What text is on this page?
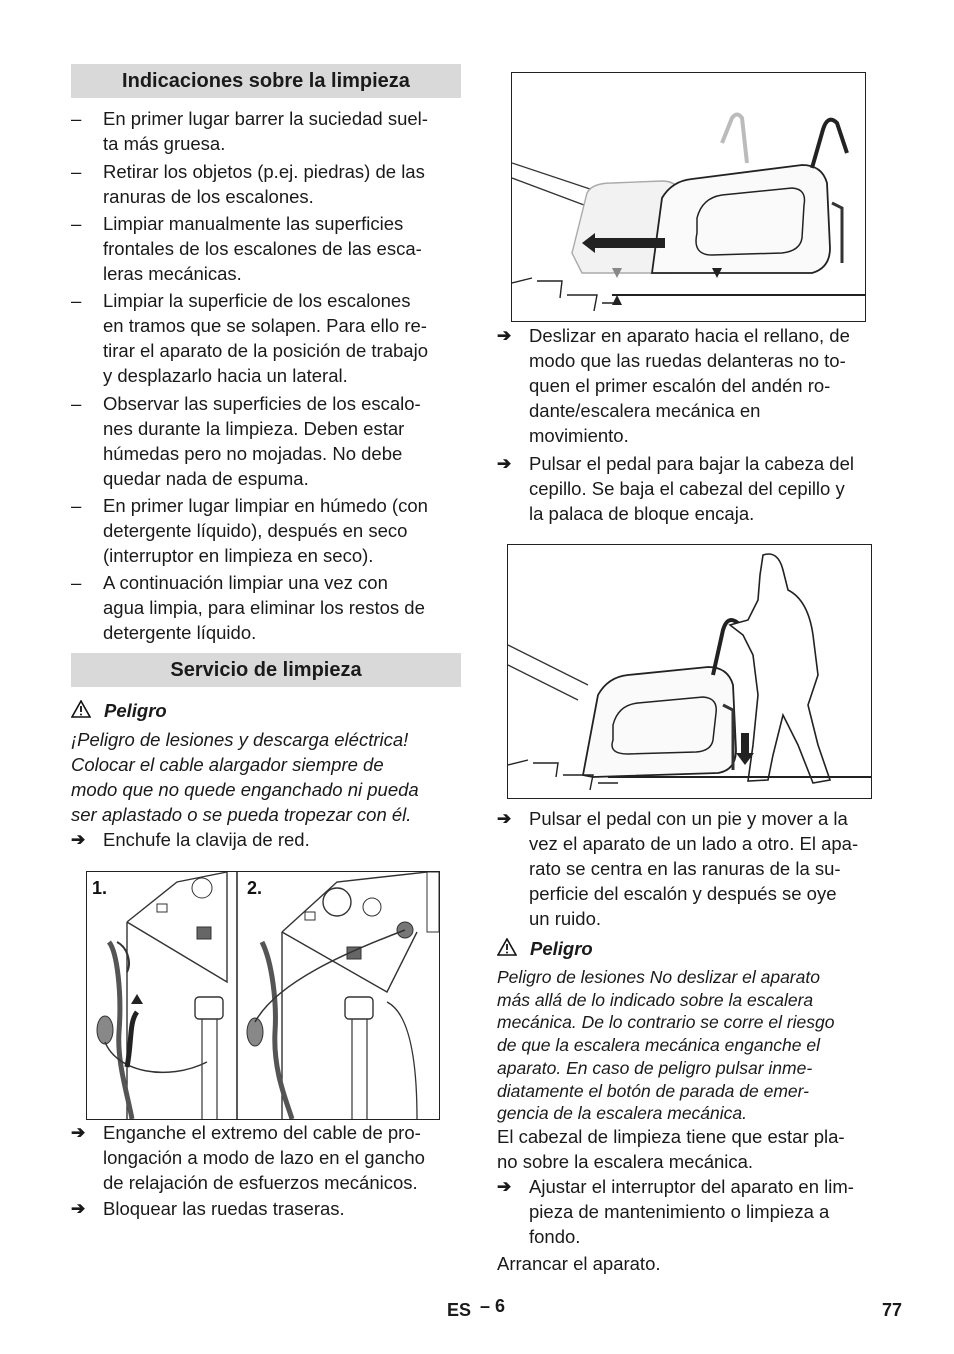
Indicaciones sobre la limpieza
–	En primer lugar barrer la suciedad suel-
ta más gruesa.
–	Retirar los objetos (p.ej. piedras) de las
ranuras de los escalones.
–	Limpiar manualmente las superficies
frontales de los escalones de las esca-
leras mecánicas.
–	Limpiar la superficie de los escalones
en tramos que se solapen. Para ello re-
tirar el aparato de la posición de trabajo
y desplazarlo hacia un lateral.
–	Observar las superficies de los escalo-
nes durante la limpieza. Deben estar
húmedas pero no mojadas. No debe
quedar nada de espuma.
–	En primer lugar limpiar en húmedo (con
detergente líquido), después en seco
(interruptor en limpieza en seco).
–	A continuación limpiar una vez con
agua limpia, para eliminar los restos de
detergente líquido.
Servicio de limpieza
Peligro
¡Peligro de lesiones y descarga eléctrica!
Colocar el cable alargador siempre de
modo que no quede enganchado ni pueda
ser aplastado o se pueda tropezar con él.
➔ Enchufe la clavija de red.
1.	2.
➔ Enganche el extremo del cable de pro-
longación a modo de lazo en el gancho
de relajación de esfuerzos mecánicos.
➔ Bloquear las ruedas traseras.
➔ Deslizar en aparato hacia el rellano, de
modo que las ruedas delanteras no to-
quen el primer escalón del andén ro-
dante/escalera mecánica en
movimiento.
➔ Pulsar el pedal para bajar la cabeza del
cepillo. Se baja el cabezal del cepillo y
la palaca de bloque encaja.
➔ Pulsar el pedal con un pie y mover a la
vez el aparato de un lado a otro. El apa-
rato se centra en las ranuras de la su-
perficie del escalón y después se oye
un ruido.
Peligro
Peligro de lesiones No deslizar el aparato
más allá de lo indicado sobre la escalera
mecánica. De lo contrario se corre el riesgo
de que la escalera mecánica enganche el
aparato. En caso de peligro pulsar inme-
diatamente el botón de parada de emer-
gencia de la escalera mecánica.
El cabezal de limpieza tiene que estar pla-
no sobre la escalera mecánica.
➔ Ajustar el interruptor del aparato en lim-
pieza de mantenimiento o limpieza a
fondo.
Arrancar el aparato.
ES – 6	77
